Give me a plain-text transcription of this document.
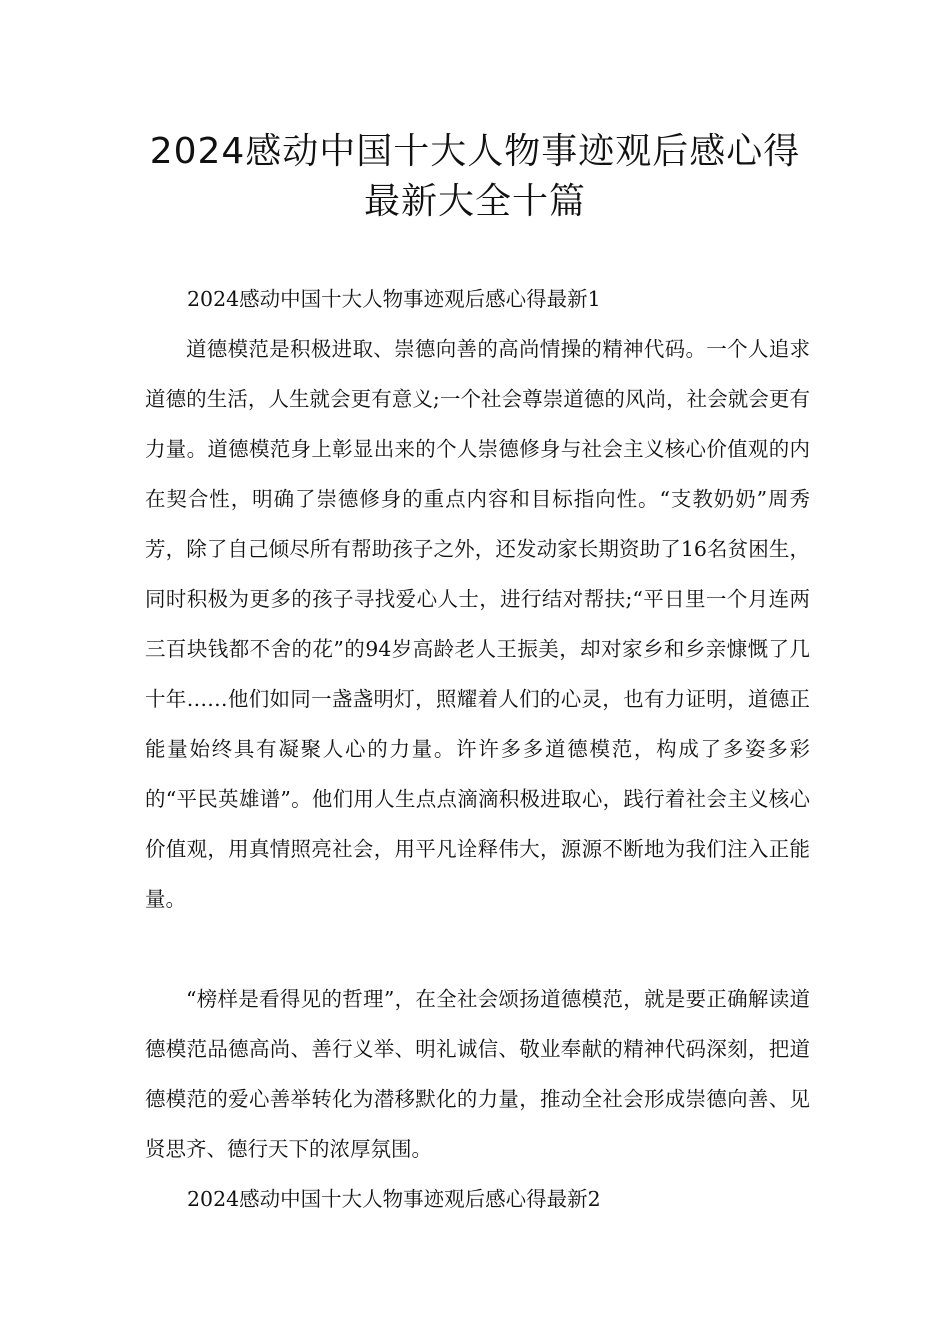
2024感动中国十大人物事迹观后感心得
最新大全十篇
2024感动中国十大人物事迹观后感心得最新1

道德模范是积极进取、崇德向善的高尚情操的精神代码。一个人追求道德的生活，人生就会更有意义;一个社会尊崇道德的风尚，社会就会更有力量。道德模范身上彰显出来的个人崇德修身与社会主义核心价值观的内在契合性，明确了崇德修身的重点内容和目标指向性。“支教奶奶”周秀芳，除了自己倾尽所有帮助孩子之外，还发动家长期资助了16名贫困生，同时积极为更多的孩子寻找爱心人士，进行结对帮扶;“平日里一个月连两三百块钱都不舍的花”的94岁高龄老人王振美，却对家乡和乡亲慷慨了几十年……他们如同一盏盏明灯，照耀着人们的心灵，也有力证明，道德正能量始终具有凝聚人心的力量。许许多多道德模范，构成了多姿多彩的“平民英雄谱”。他们用人生点点滴滴积极进取心，践行着社会主义核心价值观，用真情照亮社会，用平凡诠释伟大，源源不断地为我们注入正能量。

“榜样是看得见的哲理”，在全社会颂扬道德模范，就是要正确解读道德模范品德高尚、善行义举、明礼诚信、敬业奉献的精神代码深刻，把道德模范的爱心善举转化为潜移默化的力量，推动全社会形成崇德向善、见贤思齐、德行天下的浓厚氛围。

2024感动中国十大人物事迹观后感心得最新2
